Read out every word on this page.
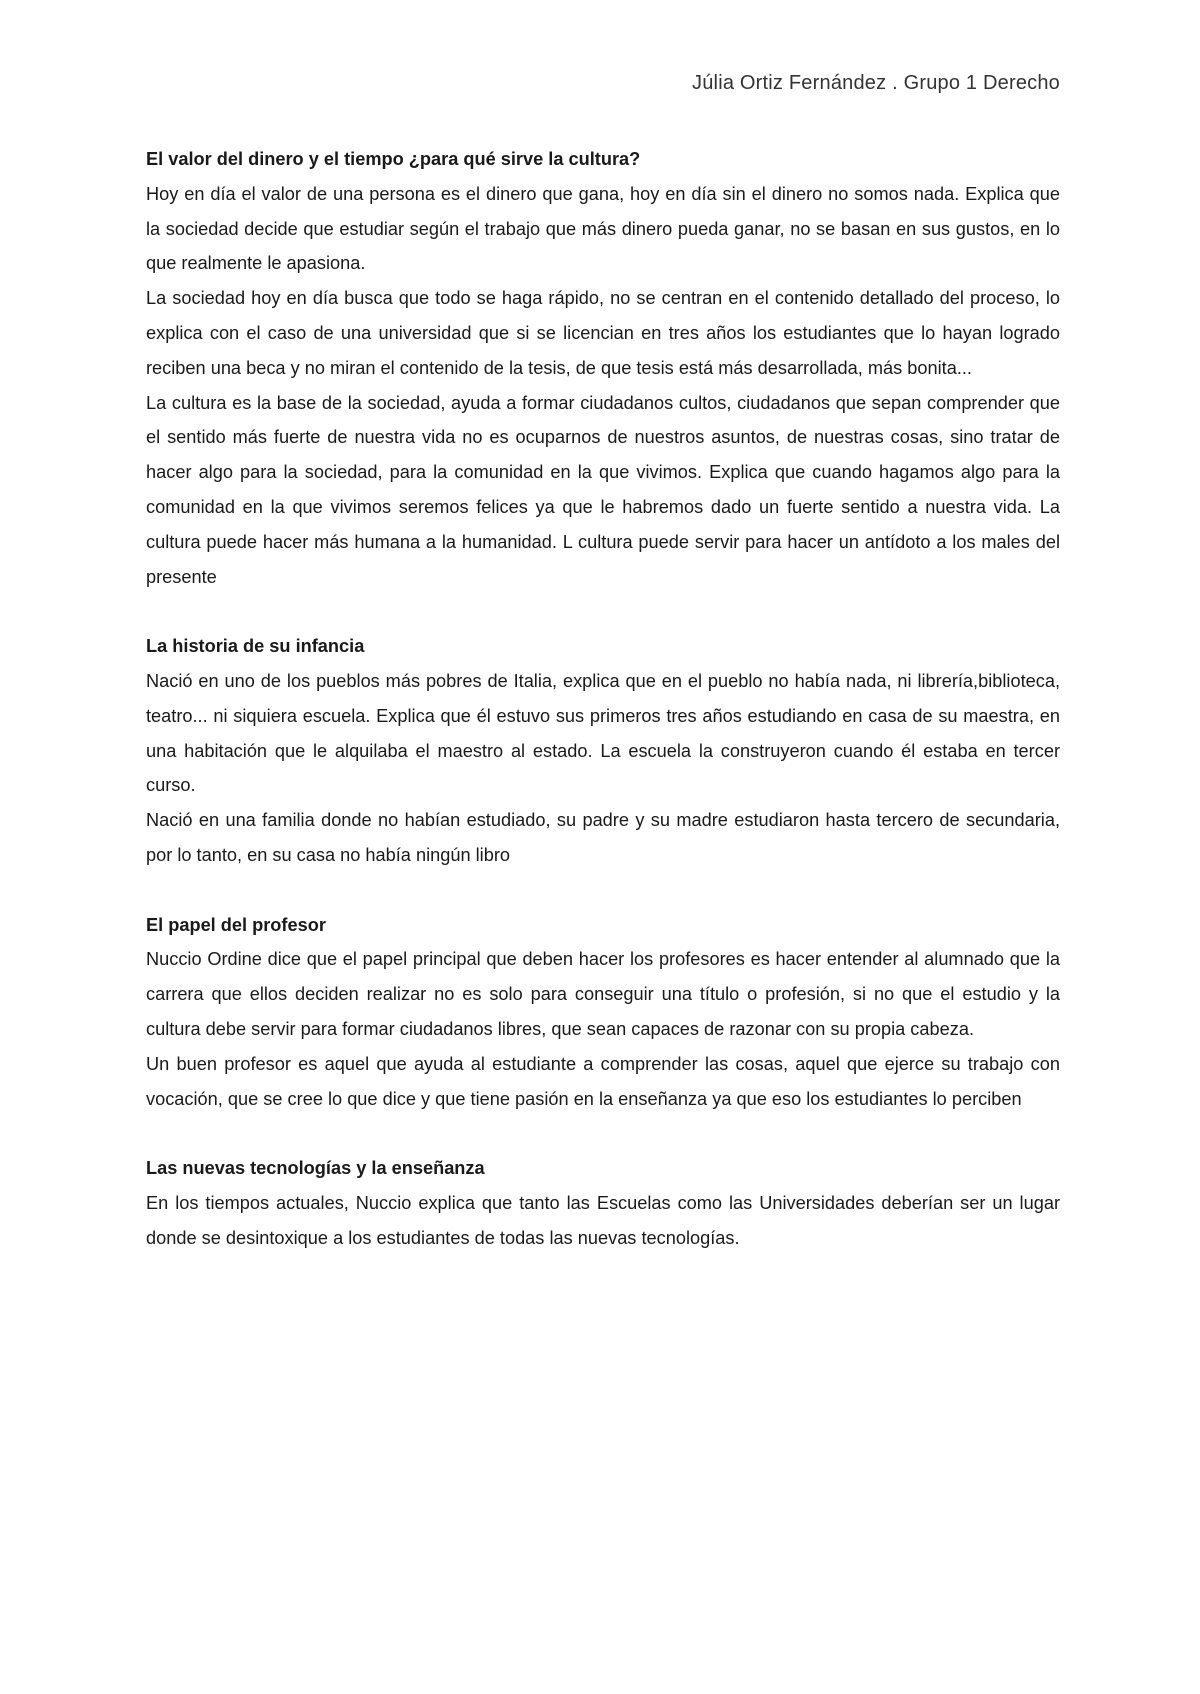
Júlia Ortiz Fernández . Grupo 1 Derecho

El valor del dinero y el tiempo ¿para qué sirve la cultura?

Hoy en día el valor de una persona es el dinero que gana, hoy en día sin el dinero no somos nada. Explica que la sociedad decide que estudiar según el trabajo que más dinero pueda ganar, no se basan en sus gustos, en lo que realmente le apasiona.

La sociedad hoy en día busca que todo se haga rápido, no se centran en el contenido detallado del proceso, lo explica con el caso de una universidad que si se licencian en tres años los estudiantes que lo hayan logrado reciben una beca y no miran el contenido de la tesis, de que tesis está más desarrollada, más bonita...

La cultura es la base de la sociedad, ayuda a formar ciudadanos cultos, ciudadanos que sepan comprender que el sentido más fuerte de nuestra vida no es ocuparnos de nuestros asuntos, de nuestras cosas, sino tratar de hacer algo para la sociedad, para la comunidad en la que vivimos. Explica que cuando hagamos algo para la comunidad en la que vivimos seremos felices ya que le habremos dado un fuerte sentido a nuestra vida. La cultura puede hacer más humana a la humanidad. L cultura puede servir para hacer un antídoto a los males del presente

La historia de su infancia

Nació en uno de los pueblos más pobres de Italia, explica que en el pueblo no había nada, ni librería,biblioteca, teatro... ni siquiera escuela. Explica que él estuvo sus primeros tres años estudiando en casa de su maestra, en una habitación que le alquilaba el maestro al estado. La escuela la construyeron cuando él estaba en tercer curso.

Nació en una familia donde no habían estudiado, su padre y su madre estudiaron hasta tercero de secundaria, por lo tanto, en su casa no había ningún libro

El papel del profesor

Nuccio Ordine dice que el papel principal que deben hacer los profesores es hacer entender al alumnado que la carrera que ellos deciden realizar no es solo para conseguir una título o profesión, si no que el estudio y la cultura debe servir para formar ciudadanos libres, que sean capaces de razonar con su propia cabeza.

Un buen profesor es aquel que ayuda al estudiante a comprender las cosas, aquel que ejerce su trabajo con vocación, que se cree lo que dice y que tiene pasión en la enseñanza ya que eso los estudiantes lo perciben

Las nuevas tecnologías y la enseñanza

En los tiempos actuales, Nuccio explica que tanto las Escuelas como las Universidades deberían ser un lugar donde se desintoxique a los estudiantes de todas las nuevas tecnologías.
